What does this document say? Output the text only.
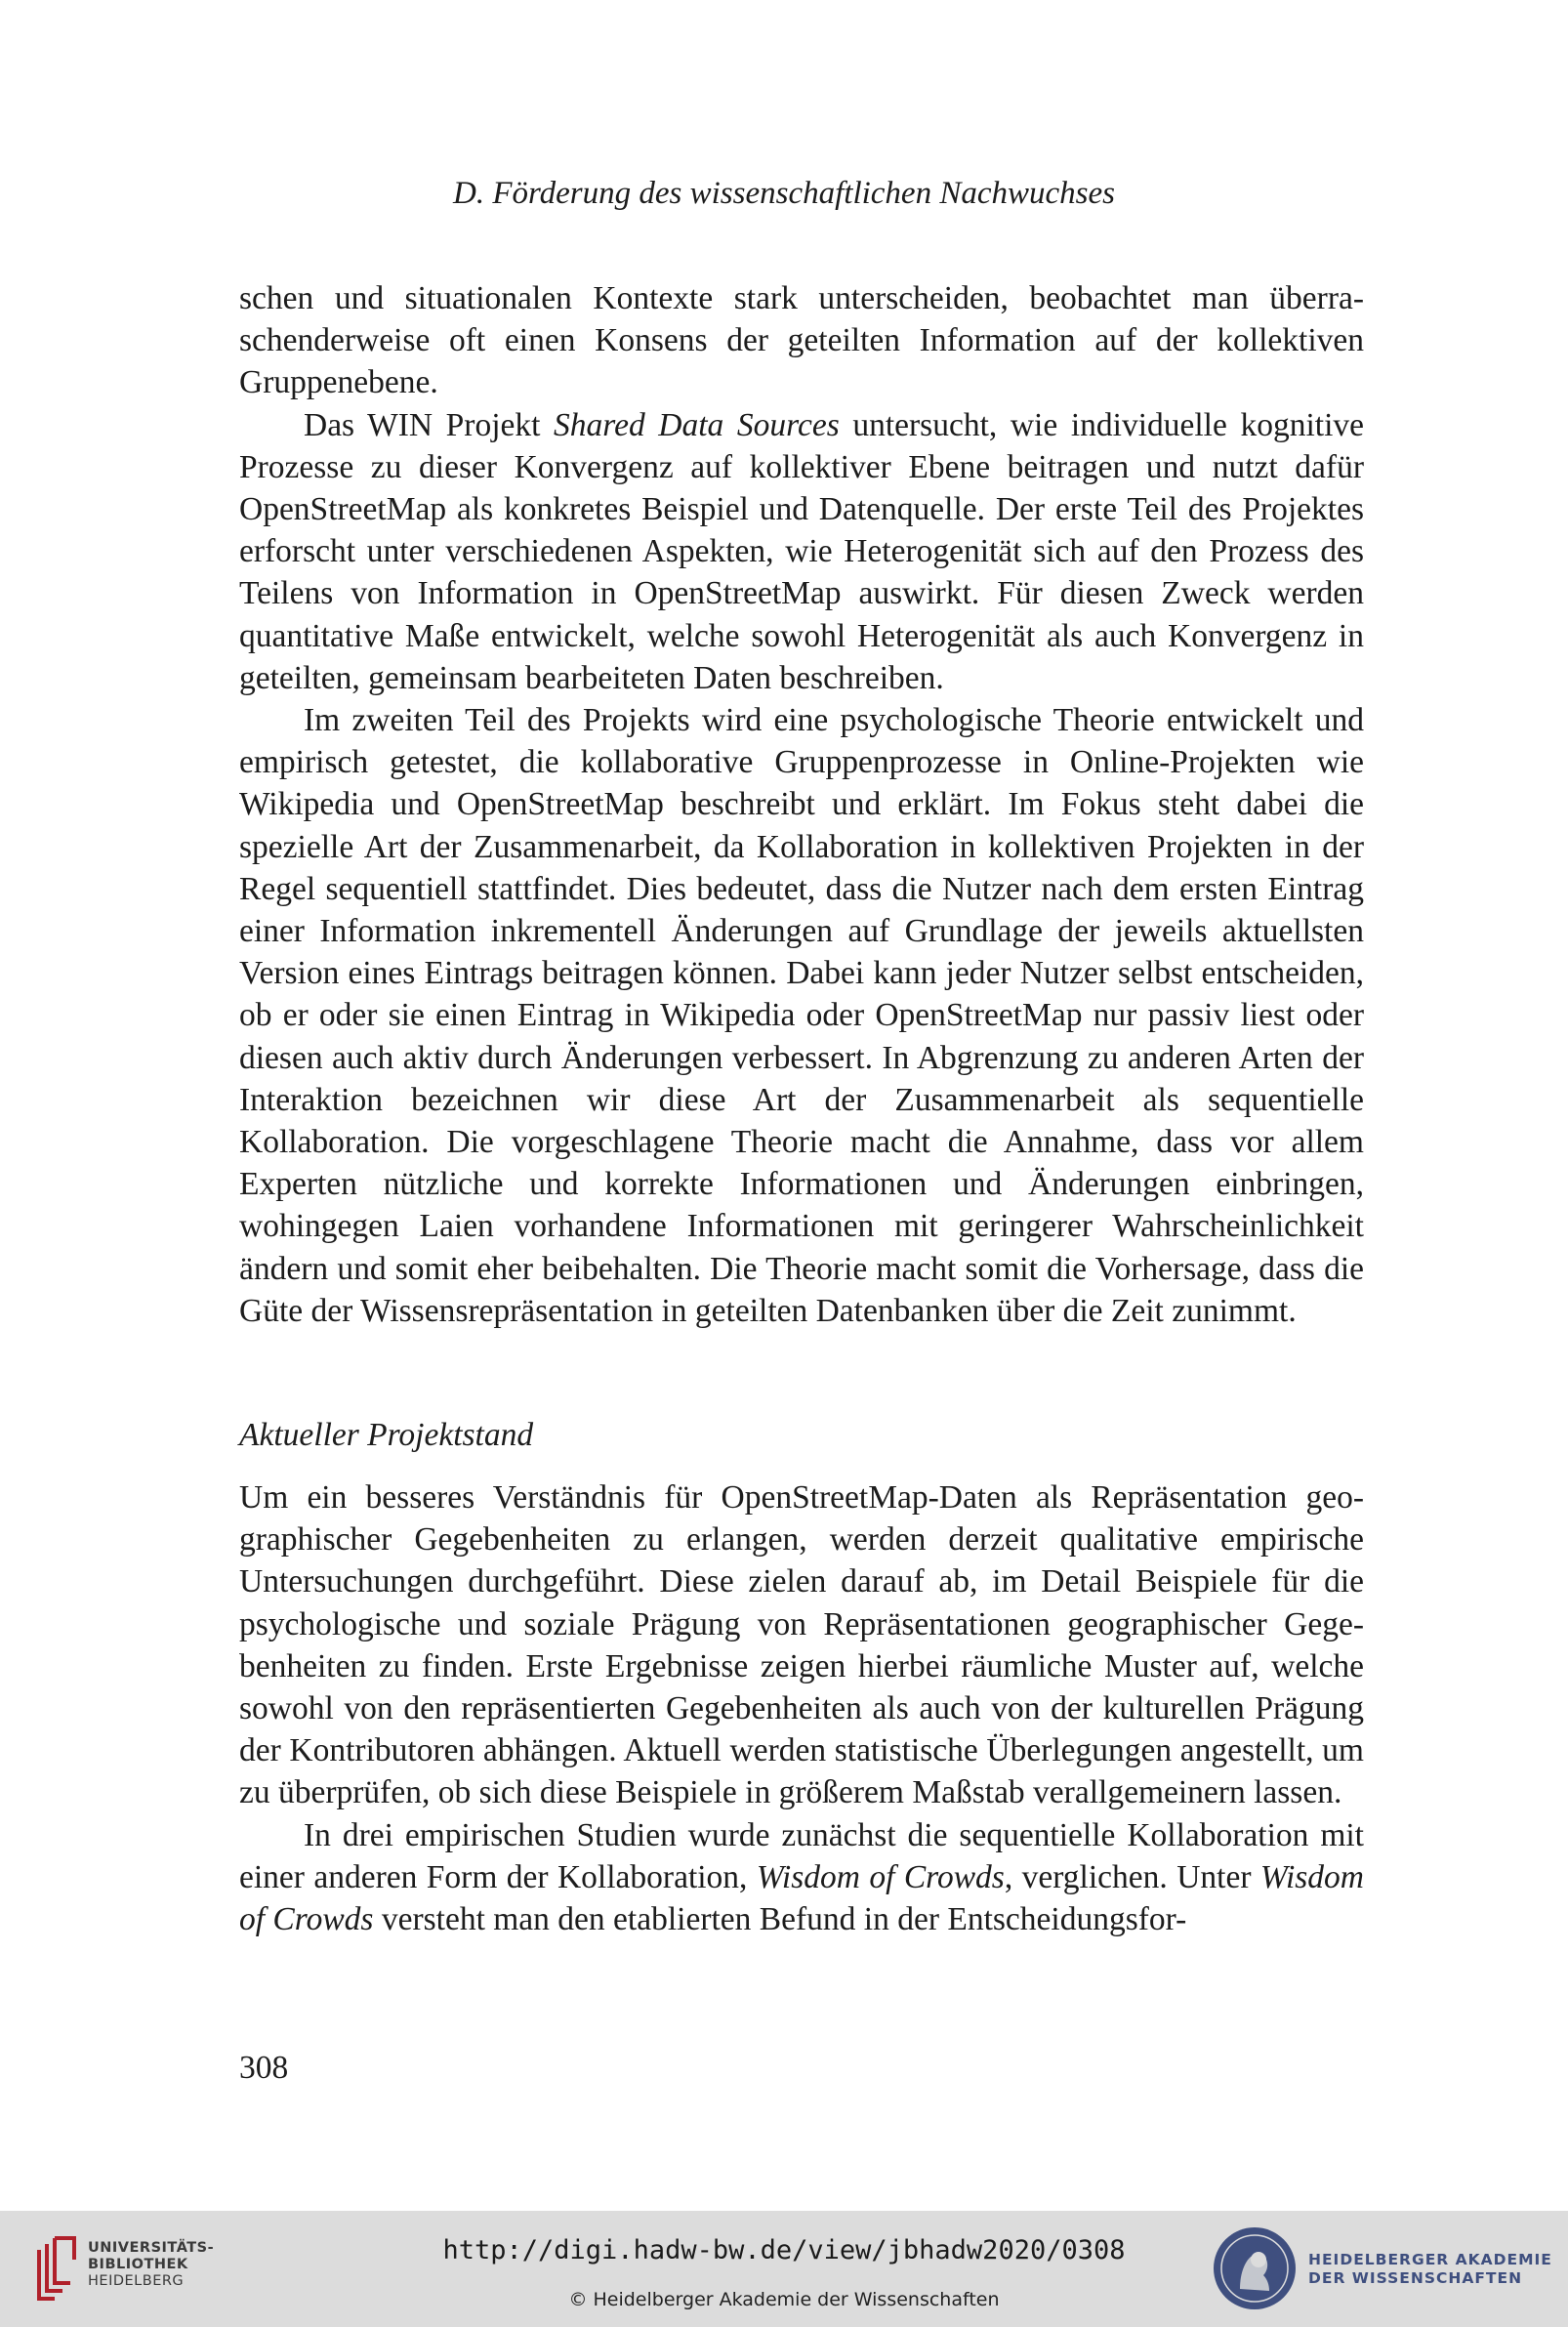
D. Förderung des wissenschaftlichen Nachwuchses

schen und situationalen Kontexte stark unterscheiden, beobachtet man überraschenderweise oft einen Konsens der geteilten Information auf der kollektiven Gruppenebene.

Das WIN Projekt Shared Data Sources untersucht, wie individuelle kognitive Prozesse zu dieser Konvergenz auf kollektiver Ebene beitragen und nutzt dafür OpenStreetMap als konkretes Beispiel und Datenquelle. Der erste Teil des Projektes erforscht unter verschiedenen Aspekten, wie Heterogenität sich auf den Prozess des Teilens von Information in OpenStreetMap auswirkt. Für diesen Zweck werden quantitative Maße entwickelt, welche sowohl Heterogenität als auch Konvergenz in geteilten, gemeinsam bearbeiteten Daten beschreiben.

Im zweiten Teil des Projekts wird eine psychologische Theorie entwickelt und empirisch getestet, die kollaborative Gruppenprozesse in Online-Projekten wie Wikipedia und OpenStreetMap beschreibt und erklärt. Im Fokus steht dabei die spezielle Art der Zusammenarbeit, da Kollaboration in kollektiven Projekten in der Regel sequentiell stattfindet. Dies bedeutet, dass die Nutzer nach dem ersten Eintrag einer Information inkrementell Änderungen auf Grundlage der jeweils aktuellsten Version eines Eintrags beitragen können. Dabei kann jeder Nutzer selbst entscheiden, ob er oder sie einen Eintrag in Wikipedia oder OpenStreetMap nur passiv liest oder diesen auch aktiv durch Änderungen verbessert. In Abgrenzung zu anderen Arten der Interaktion bezeichnen wir diese Art der Zusammenarbeit als sequentielle Kollaboration. Die vorgeschlagene Theorie macht die Annahme, dass vor allem Experten nützliche und korrekte Informationen und Änderungen einbringen, wohingegen Laien vorhandene Informationen mit geringerer Wahrscheinlichkeit ändern und somit eher beibehalten. Die Theorie macht somit die Vorhersage, dass die Güte der Wissensrepräsentation in geteilten Datenbanken über die Zeit zunimmt.

Aktueller Projektstand

Um ein besseres Verständnis für OpenStreetMap-Daten als Repräsentation geographischer Gegebenheiten zu erlangen, werden derzeit qualitative empirische Untersuchungen durchgeführt. Diese zielen darauf ab, im Detail Beispiele für die psychologische und soziale Prägung von Repräsentationen geographischer Gegebenheiten zu finden. Erste Ergebnisse zeigen hierbei räumliche Muster auf, welche sowohl von den repräsentierten Gegebenheiten als auch von der kulturellen Prägung der Kontributoren abhängen. Aktuell werden statistische Überlegungen angestellt, um zu überprüfen, ob sich diese Beispiele in größerem Maßstab verallgemeinern lassen.

In drei empirischen Studien wurde zunächst die sequentielle Kollaboration mit einer anderen Form der Kollaboration, Wisdom of Crowds, verglichen. Unter Wisdom of Crowds versteht man den etablierten Befund in der Entscheidungsfor-

308
UNIVERSITÄTS-
BIBLIOTHEK
HEIDELBERG
http://digi.hadw-bw.de/view/jbhadw2020/0308
© Heidelberger Akademie der Wissenschaften
HEIDELBERGER AKADEMIE
DER WISSENSCHAFTEN
